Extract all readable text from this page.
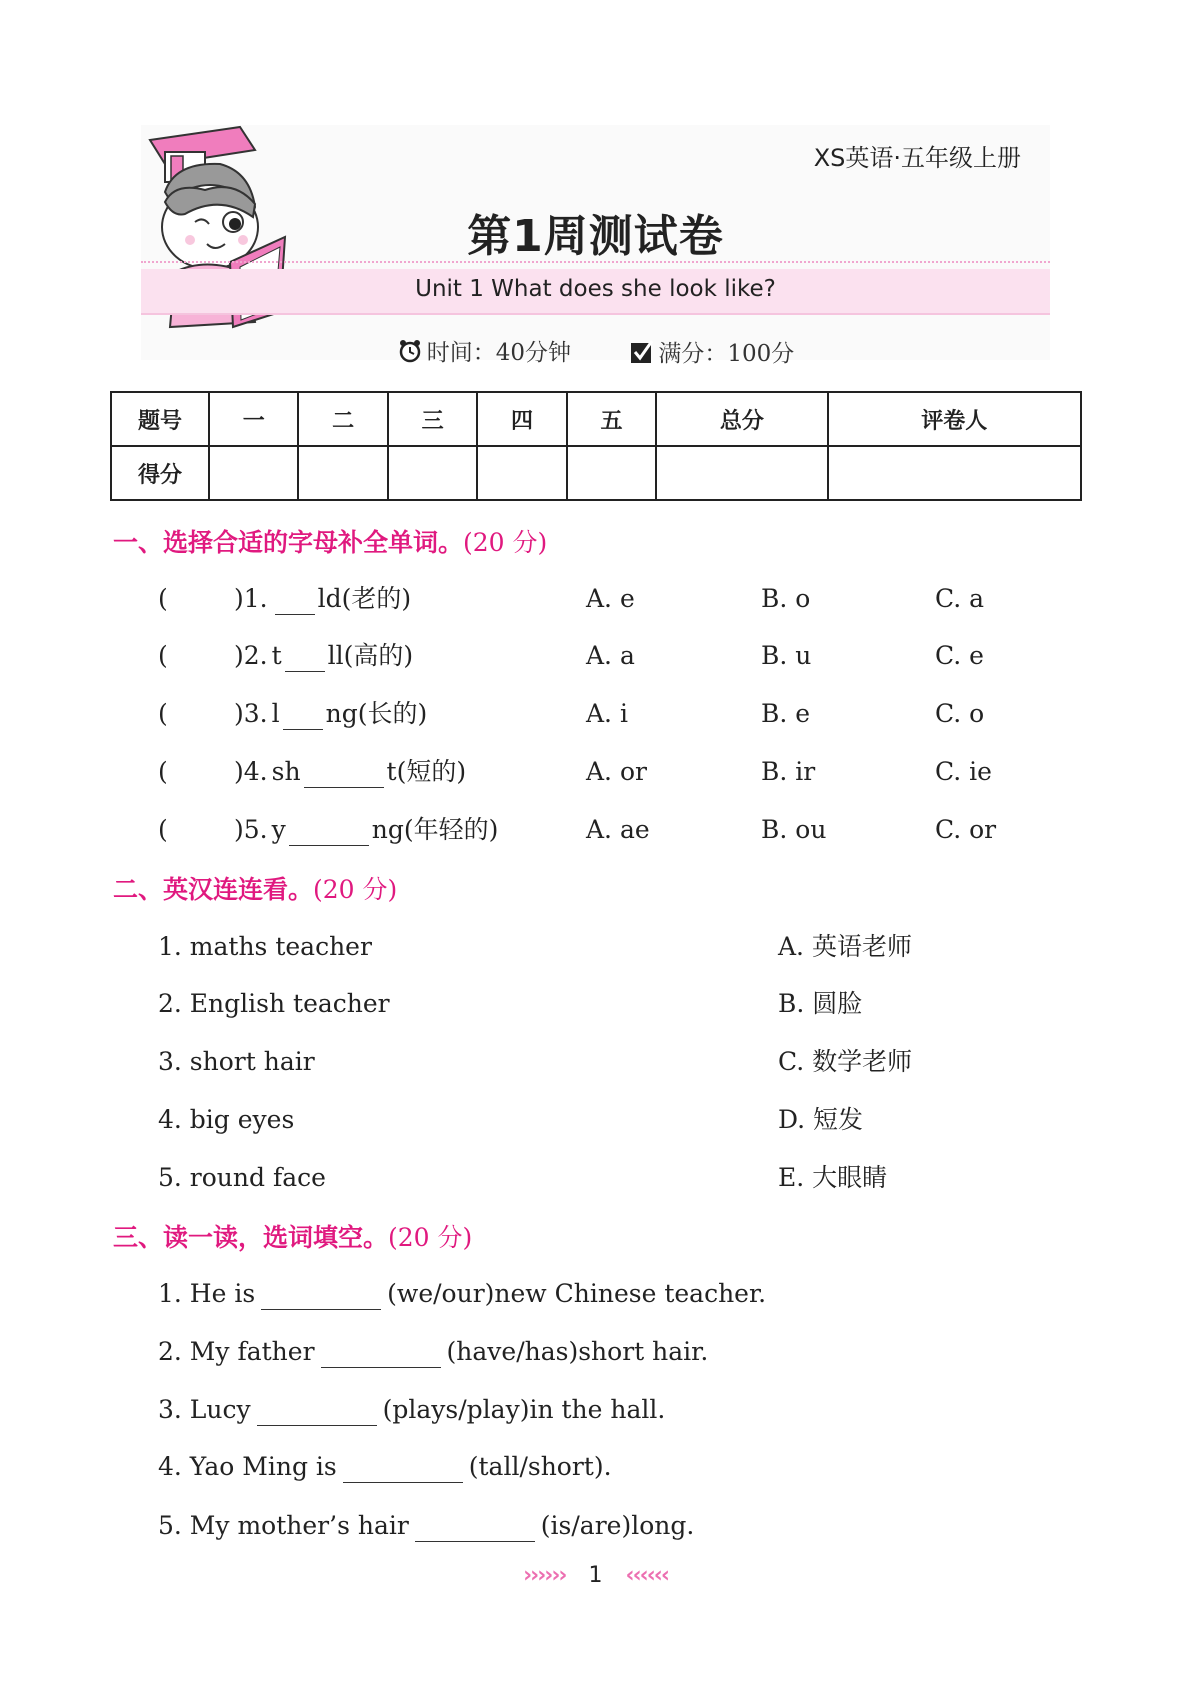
XS英语·五年级上册
第1周测试卷
Unit 1 What does she look like?
时间：40分钟
	满分：100分
题号	一	二	三	四	五	总分	评卷人
得分							
一、选择合适的字母补全单词。(20 分)
(	)1. ld(老的)	A. e	B. o	C. a
(	)2. t ll(高的)	A. a	B. u	C. e
(	)3. l ng(长的)	A. i	B. e	C. o
(	)4. sh	t(短的)	A. or	B. ir	C. ie
(	)5. y	ng(年轻的)	A. ae	B. ou	C. or
二、英汉连连看。(20 分)
1. maths teacher	A. 英语老师
2. English teacher	B. 圆脸
3. short hair	C. 数学老师
4. big eyes	D. 短发
5. round face	E. 大眼睛
三、读一读，选词填空。(20 分)
1. He is	(we/our)new Chinese teacher.
2. My father	(have/has)short hair.
3. Lucy	(plays/play)in the hall.
4. Yao Ming is	(tall/short).
5. My mother’s hair	(is/are)long.
›››››› 1 ‹‹‹‹‹‹
